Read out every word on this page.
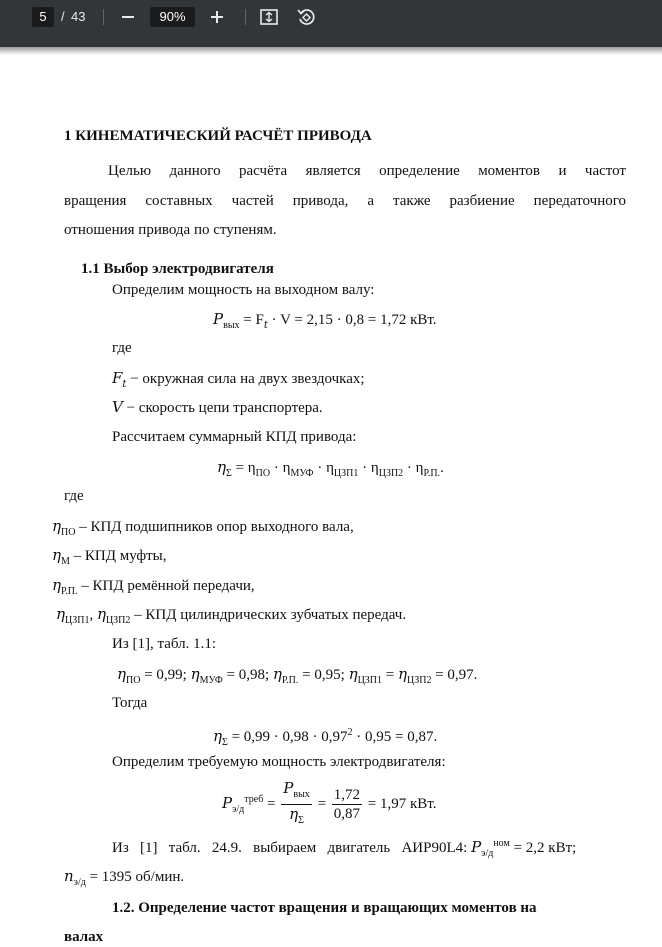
5	/ 43	90%
1 КИНЕМАТИЧЕСКИЙ РАСЧЁТ ПРИВОДА
Целью данного расчёта является определение моментов и частот
вращения составных частей привода, а также разбиение передаточного
отношения привода по ступеням.
1.1 Выбор электродвигателя
Определим мощность на выходном валу:
$P_{вых} = F_t \cdot V = 2,15 \cdot 0,8 = 1,72$ кВт.
где
$F_t$ − окружная сила на двух звездочках;
V − скорость цепи транспортера.
Рассчитаем суммарный КПД привода:
$\eta_\Sigma = \eta_{ПО} \cdot \eta_{МУФ} \cdot \eta_{ЦЗП1} \cdot \eta_{ЦЗП2} \cdot \eta_{Р.П.}$.
где
$\eta_{ПО}$ – КПД подшипников опор выходного вала,
$\eta_М$ – КПД муфты,
$\eta_{Р.П.}$ – КПД ремённой передачи,
$\eta_{ЦЗП1}$, $\eta_{ЦЗП2}$ – КПД цилиндрических зубчатых передач.
Из [1], табл. 1.1:
$\eta_{ПО} = 0,99$; $\eta_{МУФ} = 0,98$; $\eta_{Р.П.} = 0,95$; $\eta_{ЦЗП1} = \eta_{ЦЗП2} = 0,97$.
Тогда
$\eta_\Sigma = 0,99 \cdot 0,98 \cdot 0,97^2 \cdot 0,95 = 0,87$.
Определим требуемую мощность электродвигателя:
$P_{э/д}^{треб} = \frac{P_{вых}}{\eta_\Sigma} = \frac{1,72}{0,87} = 1,97$ кВт.
Из   [1]   табл.   24.9.   выбираем   двигатель   АИР90L4: $P_{э/д}^{ном} = 2,2$ кВт;
$n_{э/д} = 1395$ об/мин.
1.2. Определение частот вращения и вращающих моментов на
валах
